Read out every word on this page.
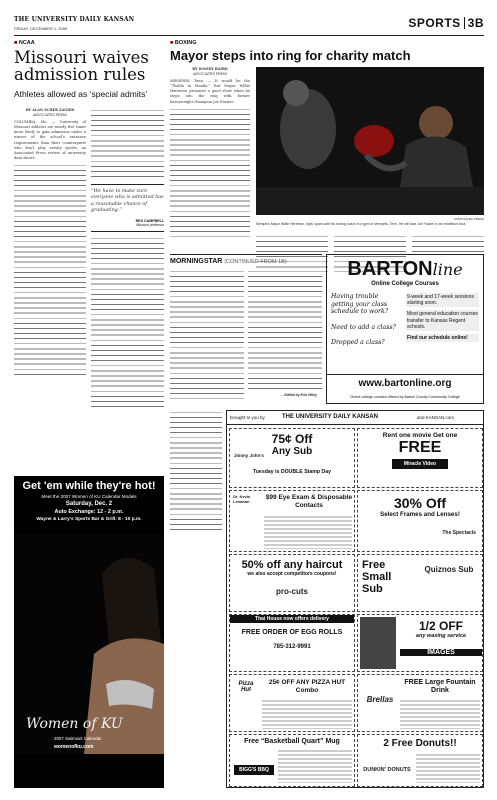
THE UNIVERSITY DAILY KANSAN
FRIDAY, DECEMBER 1, 2006	SPORTS 3B
■ NCAA
Missouri waives admission rules
Athletes allowed as ‘special admits’
BY ALAN SCHER ZAGIER
ASSOCIATED PRESS
COLUMBIA, Mo. — University of Missouri athletes are nearly five times more likely to gain admission under a waiver of the school's entrance requirements than their counterparts who don't play varsity sports, an Associated Press review of university data shows.
“We have to make sure everyone who is admitted has a reasonable chance of graduating.”
REX CAMPBELL
Missouri professor
Get 'em while they're hot!
Meet the 2007 Women of KU Calendar Models
Saturday, Dec. 2
Auto Exchange: 12 - 2 p.m.
Wayne & Larry's Sports Bar & Grill: 8 - 10 p.m.
Women of KU
2007 Swimsuit Calendar
womenofku.com
■ BOXING
Mayor steps into ring for charity match
ASSOCIATED PRESS
Memphis Mayor Willie Herenton, right, spars with his boxing coach in a gym in Memphis, Tenn. He will face Joe Frazier in an exhibition bout.
BY WOODY BAIRD
ASSOCIATED PRESS
MEMPHIS, Tenn. — It would be the “Thrilla in Manila.” But Mayor Willie Herenton promises a good show when he steps into the ring with former heavyweight champion Joe Frazier.
MORNINGSTAR (CONTINUED FROM 1B)
— Edited by Erin Wiley
BARTONline
Online College Courses
Having trouble getting your class schedule to work?
Need to add a class?
Dropped a class?
9-week and 17-week sessions starting soon.
Most general education courses transfer to Kansas Regent schools.
Find our schedule online!
www.bartonline.org
Online college courses offered by Barton County Community College
brought to you by	THE UNIVERSITY DAILY KANSAN	and KANSAN.com
75¢ Off
Any Sub
Tuesday is DOUBLE Stamp Day
Jimmy John's
Rent one movie Get one
FREE
Miracle Video
Dr. Kevin Lenahan
$99 Eye Exam & Disposable Contacts	30% Off
Select Frames and Lenses!
The Spectacle
50% off any haircut
we also accept competitors coupons!
pro-cuts
Free Small Sub
Quiznos Sub
Thai House now offers delivery
FREE ORDER OF EGG ROLLS
785-312-9991
1/2 OFF
any waxing service
IMAGES
Pizza Hut
25¢ OFF ANY PIZZA HUT Combo
Brellas
FREE Large Fountain Drink
Free “Basketball Quart” Mug
BIGG'S BBQ
2 Free Donuts!!
DUNKIN' DONUTS
